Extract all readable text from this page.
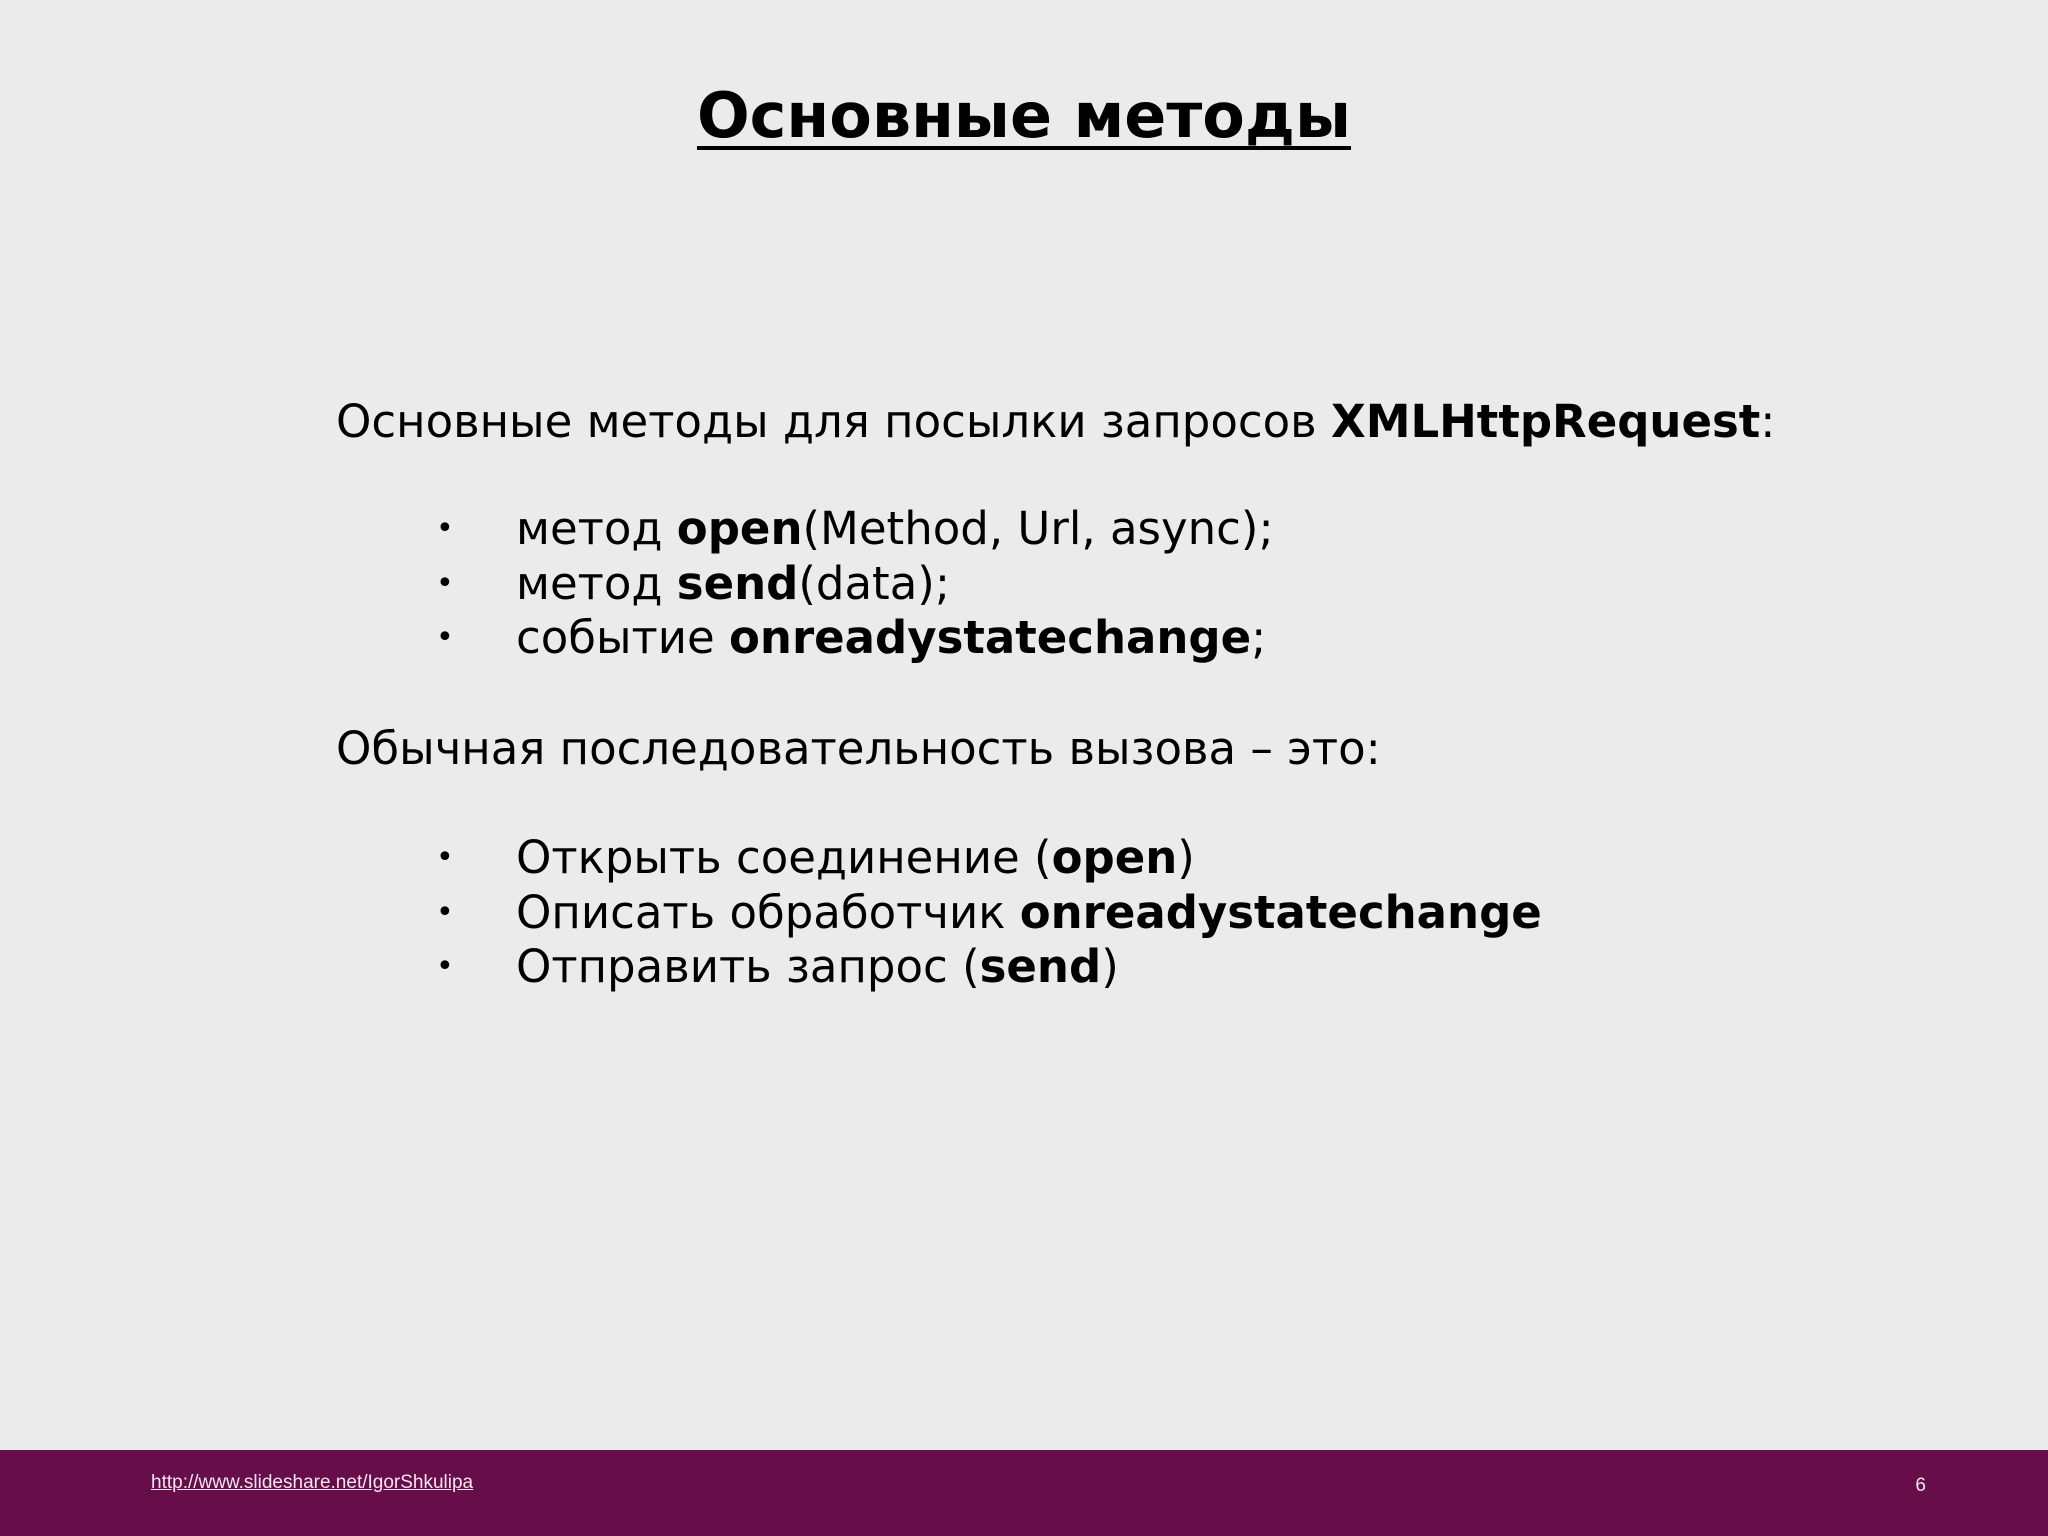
Основные методы
Основные методы для посылки запросов XMLHttpRequest:
• метод open(Method, Url, async);
• метод send(data);
• событие onreadystatechange;
Обычная последовательность вызова – это:
• Открыть соединение (open)
• Описать обработчик onreadystatechange
• Отправить запрос (send)
http://www.slideshare.net/IgorShkulipa	6
